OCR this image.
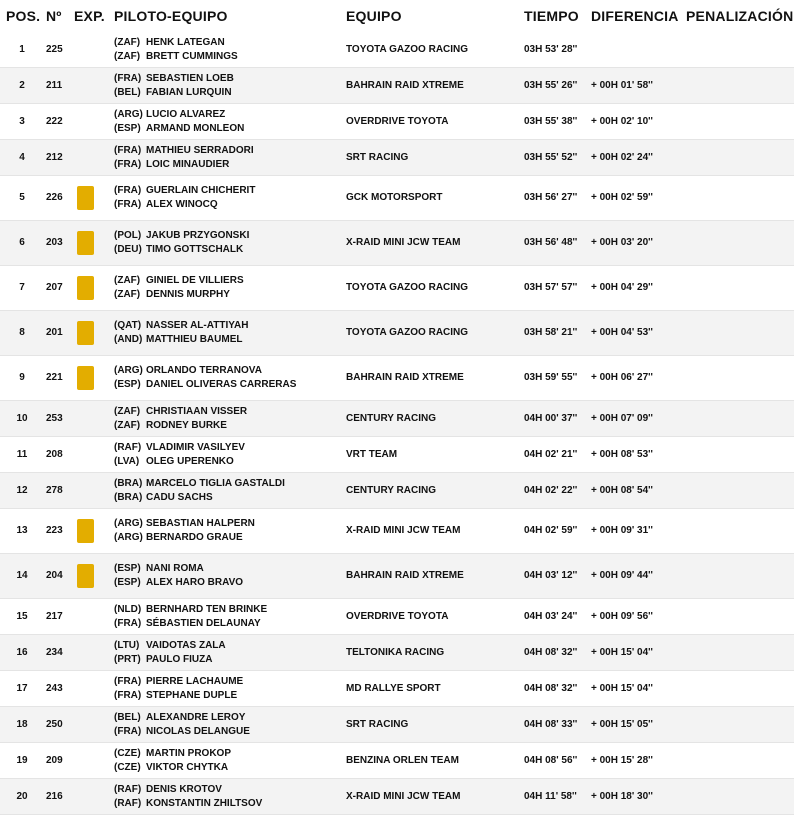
POS. Nº EXP. PILOTO-EQUIPO	EQUIPO	TIEMPO DIFERENCIA PENALIZACIÓN
1	225
(ZAF) HENK LATEGAN
(ZAF) BRETT CUMMINGS
TOYOTA GAZOO RACING	03H 53' 28''
2	211
(FRA) SEBASTIEN LOEB
(BEL) FABIAN LURQUIN
BAHRAIN RAID XTREME	03H 55' 26'' + 00H 01' 58''
3	222
(ARG) LUCIO ALVAREZ
(ESP) ARMAND MONLEON
OVERDRIVE TOYOTA	03H 55' 38'' + 00H 02' 10''
4	212
(FRA) MATHIEU SERRADORI
(FRA) LOIC MINAUDIER
SRT RACING	03H 55' 52'' + 00H 02' 24''
5	226
(FRA) GUERLAIN CHICHERIT
(FRA) ALEX WINOCQ
GCK MOTORSPORT	03H 56' 27'' + 00H 02' 59''
6	203
(POL) JAKUB PRZYGONSKI
(DEU) TIMO GOTTSCHALK
X-RAID MINI JCW TEAM	03H 56' 48'' + 00H 03' 20''
7	207
(ZAF) GINIEL DE VILLIERS
(ZAF) DENNIS MURPHY
TOYOTA GAZOO RACING	03H 57' 57'' + 00H 04' 29''
8	201
(QAT) NASSER AL-ATTIYAH
(AND) MATTHIEU BAUMEL
TOYOTA GAZOO RACING	03H 58' 21'' + 00H 04' 53''
9	221
(ARG) ORLANDO TERRANOVA
(ESP) DANIEL OLIVERAS CARRERAS
BAHRAIN RAID XTREME	03H 59' 55'' + 00H 06' 27''
10 253
(ZAF) CHRISTIAAN VISSER
(ZAF) RODNEY BURKE
CENTURY RACING	04H 00' 37'' + 00H 07' 09''
11 208
(RAF) VLADIMIR VASILYEV
(LVA) OLEG UPERENKO
VRT TEAM	04H 02' 21'' + 00H 08' 53''
12 278
(BRA) MARCELO TIGLIA GASTALDI
(BRA) CADU SACHS
CENTURY RACING	04H 02' 22'' + 00H 08' 54''
13 223
(ARG) SEBASTIAN HALPERN
(ARG) BERNARDO GRAUE
X-RAID MINI JCW TEAM	04H 02' 59'' + 00H 09' 31''
14 204
(ESP) NANI ROMA
(ESP) ALEX HARO BRAVO
BAHRAIN RAID XTREME	04H 03' 12'' + 00H 09' 44''
15 217
(NLD) BERNHARD TEN BRINKE
(FRA) SÉBASTIEN DELAUNAY
OVERDRIVE TOYOTA	04H 03' 24'' + 00H 09' 56''
16 234
(LTU) VAIDOTAS ZALA
(PRT) PAULO FIUZA
TELTONIKA RACING	04H 08' 32'' + 00H 15' 04''
17 243
(FRA) PIERRE LACHAUME
(FRA) STEPHANE DUPLE
MD RALLYE SPORT	04H 08' 32'' + 00H 15' 04''
18 250
(BEL) ALEXANDRE LEROY
(FRA) NICOLAS DELANGUE
SRT RACING	04H 08' 33'' + 00H 15' 05''
19 209
(CZE) MARTIN PROKOP
(CZE) VIKTOR CHYTKA
BENZINA ORLEN TEAM	04H 08' 56'' + 00H 15' 28''
20 216
(RAF) DENIS KROTOV
(RAF) KONSTANTIN ZHILTSOV
X-RAID MINI JCW TEAM	04H 11' 58'' + 00H 18' 30''
